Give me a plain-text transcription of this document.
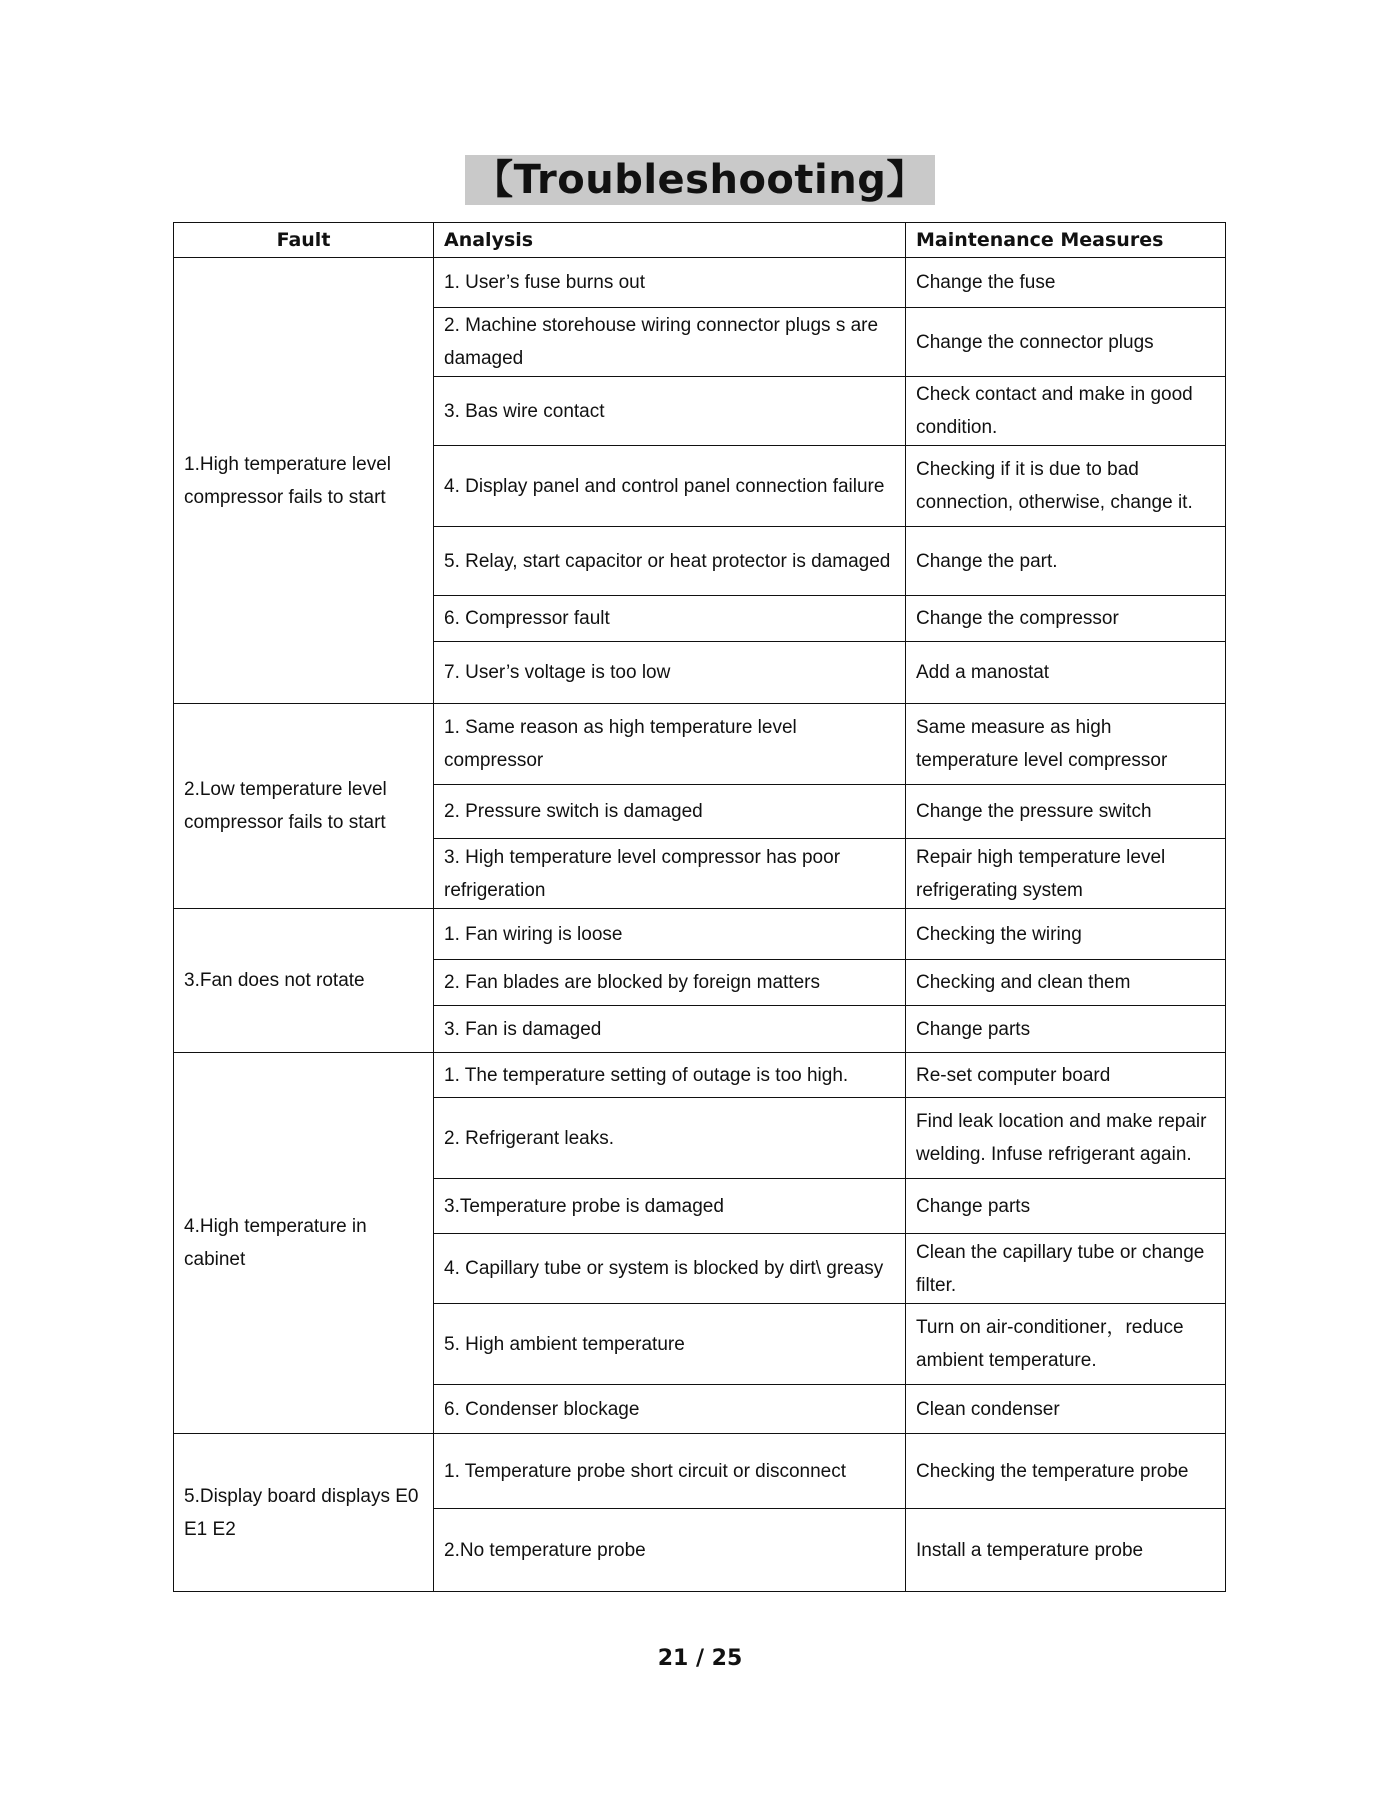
【Troubleshooting】
Fault	Analysis	Maintenance Measures
1.High temperature level compressor fails to start	1. User’s fuse burns out	Change the fuse
	2. Machine storehouse wiring connector plugs s are damaged	Change the connector plugs
	3. Bas wire contact	Check contact and make in good condition.
	4. Display panel and control panel connection failure	Checking if it is due to bad connection, otherwise, change it.
	5. Relay, start capacitor or heat protector is damaged	Change the part.
	6. Compressor fault	Change the compressor
	7. User’s voltage is too low	Add a manostat
2.Low temperature level compressor fails to start	1. Same reason as high temperature level compressor	Same measure as high temperature level compressor
	2. Pressure switch is damaged	Change the pressure switch
	3. High temperature level compressor has poor refrigeration	Repair high temperature level refrigerating system
3.Fan does not rotate	1. Fan wiring is loose	Checking the wiring
	2. Fan blades are blocked by foreign matters	Checking and clean them
	3. Fan is damaged	Change parts
4.High temperature in cabinet	1. The temperature setting of outage is too high.	Re-set computer board
	2. Refrigerant leaks.	Find leak location and make repair welding. Infuse refrigerant again.
	3.Temperature probe is damaged	Change parts
	4. Capillary tube or system is blocked by dirt\ greasy	Clean the capillary tube or change filter.
	5. High ambient temperature	Turn on air-conditioner，reduce ambient temperature.
	6. Condenser blockage	Clean condenser
5.Display board displays E0 E1 E2	1. Temperature probe short circuit or disconnect	Checking the temperature probe
	2.No temperature probe	Install a temperature probe
21 / 25
